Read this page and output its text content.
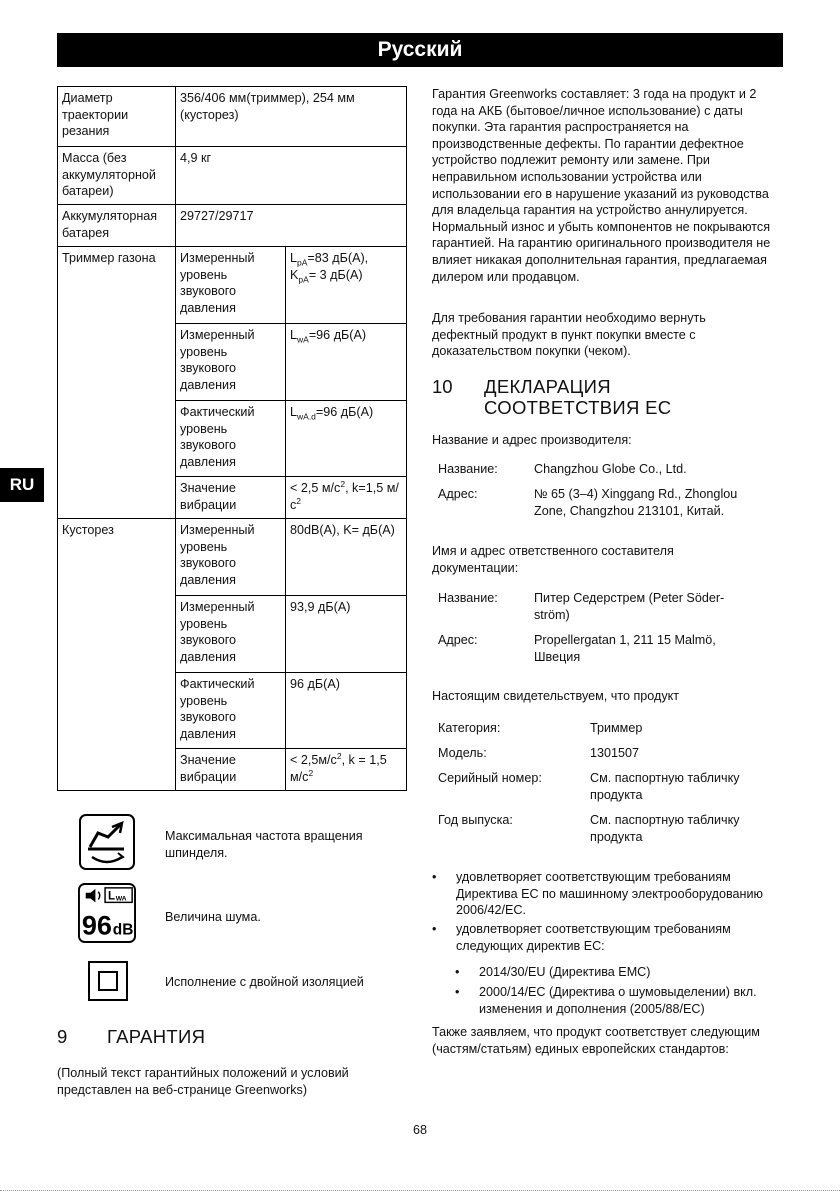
Русский
RU
Диаметр траектории резания	356/406 мм(триммер), 254 мм (кусторез)	
Масса (без аккумуляторной батареи)	4,9 кг	
Аккумуляторная батарея	29727/29717	
Триммер газона	Измеренный уровень звукового давления	$L_{pA}=83$ дБ(A),
$K_{pA}= 3$ дБ(A)
	Измеренный уровень звукового давления	$L_{wA}=96$ дБ(A)
	Фактический уровень звукового давления	$L_{wA.d}=96$ дБ(A)
	Значение вибрации	< 2,5 $м/с^2$, k=1,5 $м/с^2$
Кусторез	Измеренный уровень звукового давления	80dB(A), K= дБ(A)
	Измеренный уровень звукового давления	93,9 дБ(A)
	Фактический уровень звукового давления	96 дБ(A)
	Значение вибрации	< $2,5м/с^2$, k = 1,5 $м/с^2$
Максимальная частота вращения шпинделя.
L WA
96 dB
Величина шума.
Исполнение с двойной изоляцией
9 ГАРАНТИЯ
(Полный текст гарантийных положений и условий представлен на веб-странице Greenworks)
Гарантия Greenworks составляет: 3 года на продукт и 2 года на АКБ (бытовое/личное использование) с даты покупки. Эта гарантия распространяется на производственные дефекты. По гарантии дефектное устройство подлежит ремонту или замене. При неправильном использовании устройства или использовании его в нарушение указаний из руководства для владельца гарантия на устройство аннулируется. Нормальный износ и убыть компонентов не покрываются гарантией. На гарантию оригинального производителя не влияет никакая дополнительная гарантия, предлагаемая дилером или продавцом.
Для требования гарантии необходимо вернуть дефектный продукт в пункт покупки вместе с доказательством покупки (чеком).
10 ДЕКЛАРАЦИЯ СООТВЕТСТВИЯ ЕС
Название и адрес производителя:
Название:	Changzhou Globe Co., Ltd.
Адрес:	№ 65 (3–4) Xinggang Rd., Zhonglou Zone, Changzhou 213101, Китай.
Имя и адрес ответственного составителя документации:
Название:	Питер Седерстрем (Peter Söder-ström)
Адрес:	Propellergatan 1, 211 15 Malmö, Швеция
Настоящим свидетельствуем, что продукт
Категория:	Триммер
Модель:	1301507
Серийный номер:	См. паспортную табличку продукта
Год выпуска:	См. паспортную табличку продукта
• удовлетворяет соответствующим требованиям Директива ЕС по машинному электрооборудованию 2006/42/EC.
• удовлетворяет соответствующим требованиям следующих директив ЕС:
• 2014/30/EU (Директива EMC)
• 2000/14/EC (Директива о шумовыделении) вкл. изменения и дополнения (2005/88/EC)
Также заявляем, что продукт соответствует следующим (частям/статьям) единых европейских стандартов:
68
